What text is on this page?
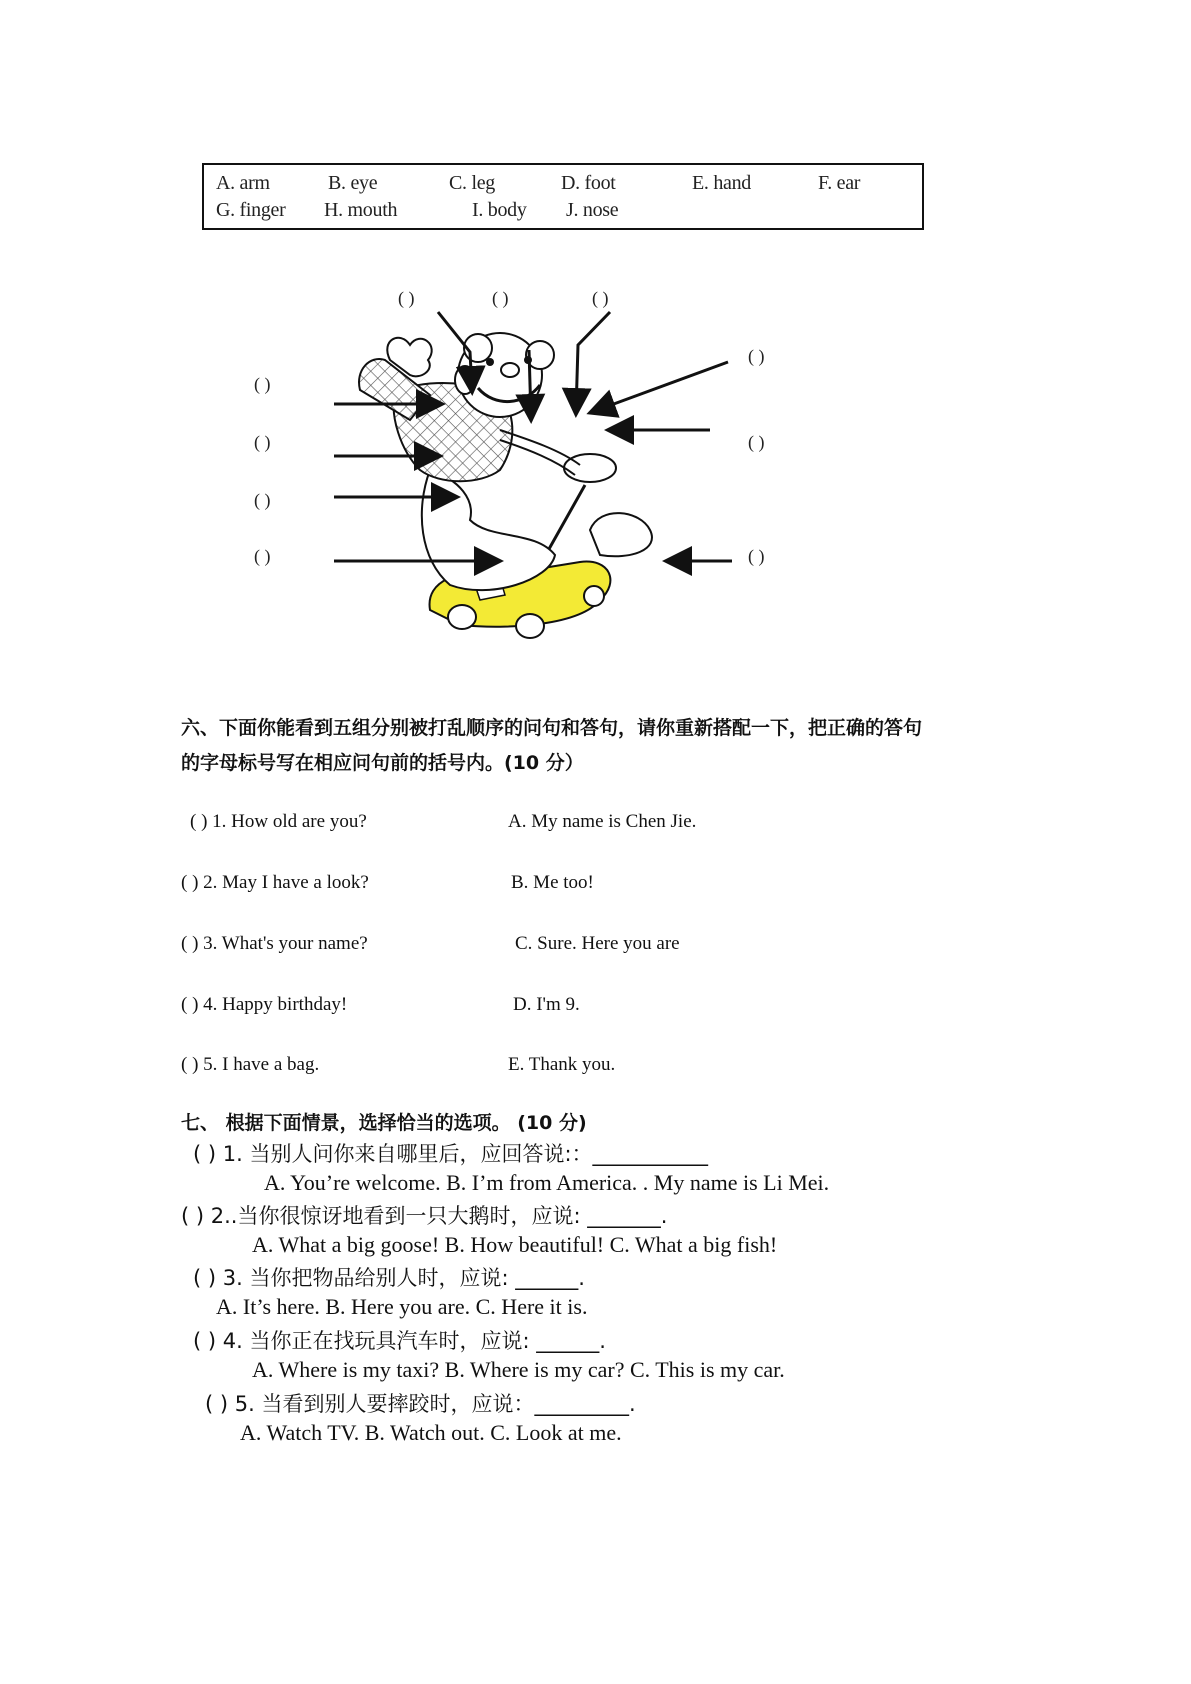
A. arm	B. eye	C. leg	D. foot	E. hand	F. ear
G. finger H. mouth	I. body J. nose
( )	( )	( )
( )
( )
( )	( )
( )
( )	( )
六、下面你能看到五组分别被打乱顺序的问句和答句，请你重新搭配一下，把正确的答句
的字母标号写在相应问句前的括号内。(10 分）
( ) 1. How old are you?	A. My name is Chen Jie.
( ) 2. May I have a look?	B. Me too!
( ) 3. What's your name?	C. Sure. Here you are
( ) 4. Happy birthday!	D. I'm 9.
( ) 5. I have a bag.	E. Thank you.
七、 根据下面情景，选择恰当的选项。 (10 分)
( ) 1. 当别人问你来自哪里后，应回答说:：___________
A. You’re welcome. B. I’m from America. . My name is Li Mei.
( ) 2..当你很惊讶地看到一只大鹅时，应说: _______.
A. What a big goose! B. How beautiful! C. What a big fish!
( ) 3. 当你把物品给别人时，应说: ______.
A. It’s here. B. Here you are. C. Here it is.
( ) 4. 当你正在找玩具汽车时，应说: ______.
A. Where is my taxi? B. Where is my car? C. This is my car.
( ) 5. 当看到别人要摔跤时，应说：_________.
A. Watch TV. B. Watch out. C. Look at me.
